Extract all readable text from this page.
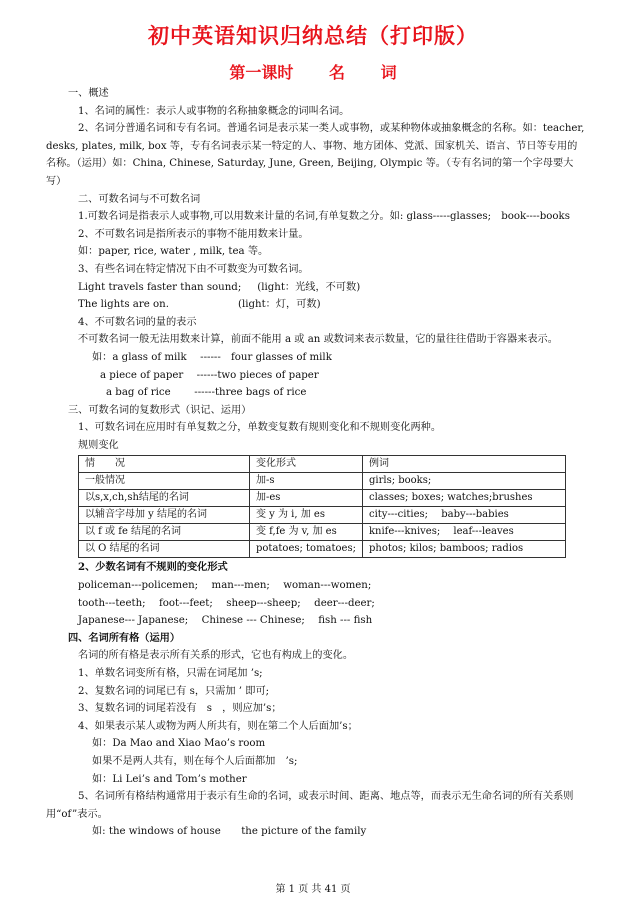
初中英语知识归纳总结（打印版）
第一课时　 名　 词

一、概述

1、名词的属性：表示人或事物的名称抽象概念的词叫名词。

2、名词分普通名词和专有名词。普通名词是表示某一类人或事物，或某种物体或抽象概念的名称。如：teacher, desks, plates, milk, box 等，专有名词表示某一特定的人、事物、地方团体、党派、国家机关、语言、节日等专用的名称。（运用）如：China, Chinese, Saturday, June, Green, Beijing, Olympic 等。（专有名词的第一个字母要大写）

二、可数名词与不可数名词

1.可数名词是指表示人或事物,可以用数来计量的名词,有单复数之分。如: glass-----glasses;　book----books

2、不可数名词是指所表示的事物不能用数来计量。

如：paper, rice, water , milk, tea 等。

3、有些名词在特定情况下由不可数变为可数名词。

Light travels faster than sound; (light：光线，不可数)

The lights are on.	(light：灯，可数)

4、不可数名词的量的表示

不可数名词一般无法用数来计算，前面不能用 a 或 an 或数词来表示数量，它的量往往借助于容器来表示。

如：a glass of milk　 ------　four glasses of milk

a piece of paper　 ------two pieces of paper

a bag of rice　　 ------three bags of rice

三、可数名词的复数形式（识记、运用）

1、可数名词在应用时有单复数之分，单数变复数有规则变化和不规则变化两种。

规则变化

情　　况	变化形式	例词
一般情况	加-s	girls; books;
以s,x,ch,sh结尾的名词	加-es	classes; boxes; watches;brushes
以辅音字母加 y 结尾的名词	变 y 为 i, 加 es	city---cities;　 baby---babies
以 f 或 fe 结尾的名词	变 f,fe 为 v, 加 es	knife---knives;　 leaf---leaves
以 O 结尾的名词	potatoes; tomatoes;	photos; kilos; bamboos; radios

2、少数名词有不规则的变化形式

policeman---policemen;　 man---men;　 woman---women;

tooth---teeth;　 foot---feet;　 sheep---sheep;　 deer---deer;

Japanese--- Japanese;　 Chinese --- Chinese;　 fish --- fish

四、名词所有格（运用）

名词的所有格是表示所有关系的形式，它也有构成上的变化。

1、单数名词变所有格，只需在词尾加 ’s;

2、复数名词的词尾已有 s，只需加 ’ 即可;

3、复数名词的词尾若没有　s　，则应加’s；

4、如果表示某人或物为两人所共有，则在第二个人后面加’s；

如：Da Mao and Xiao Mao’s room

如果不是两人共有，则在每个人后面都加　’s;

如：Li Lei’s and Tom’s mother

5、名词所有格结构通常用于表示有生命的名词，或表示时间、距离、地点等，而表示无生命名词的所有关系则用“of”表示。

如: the windows of house　　the picture of the family

第 1 页 共 41 页
